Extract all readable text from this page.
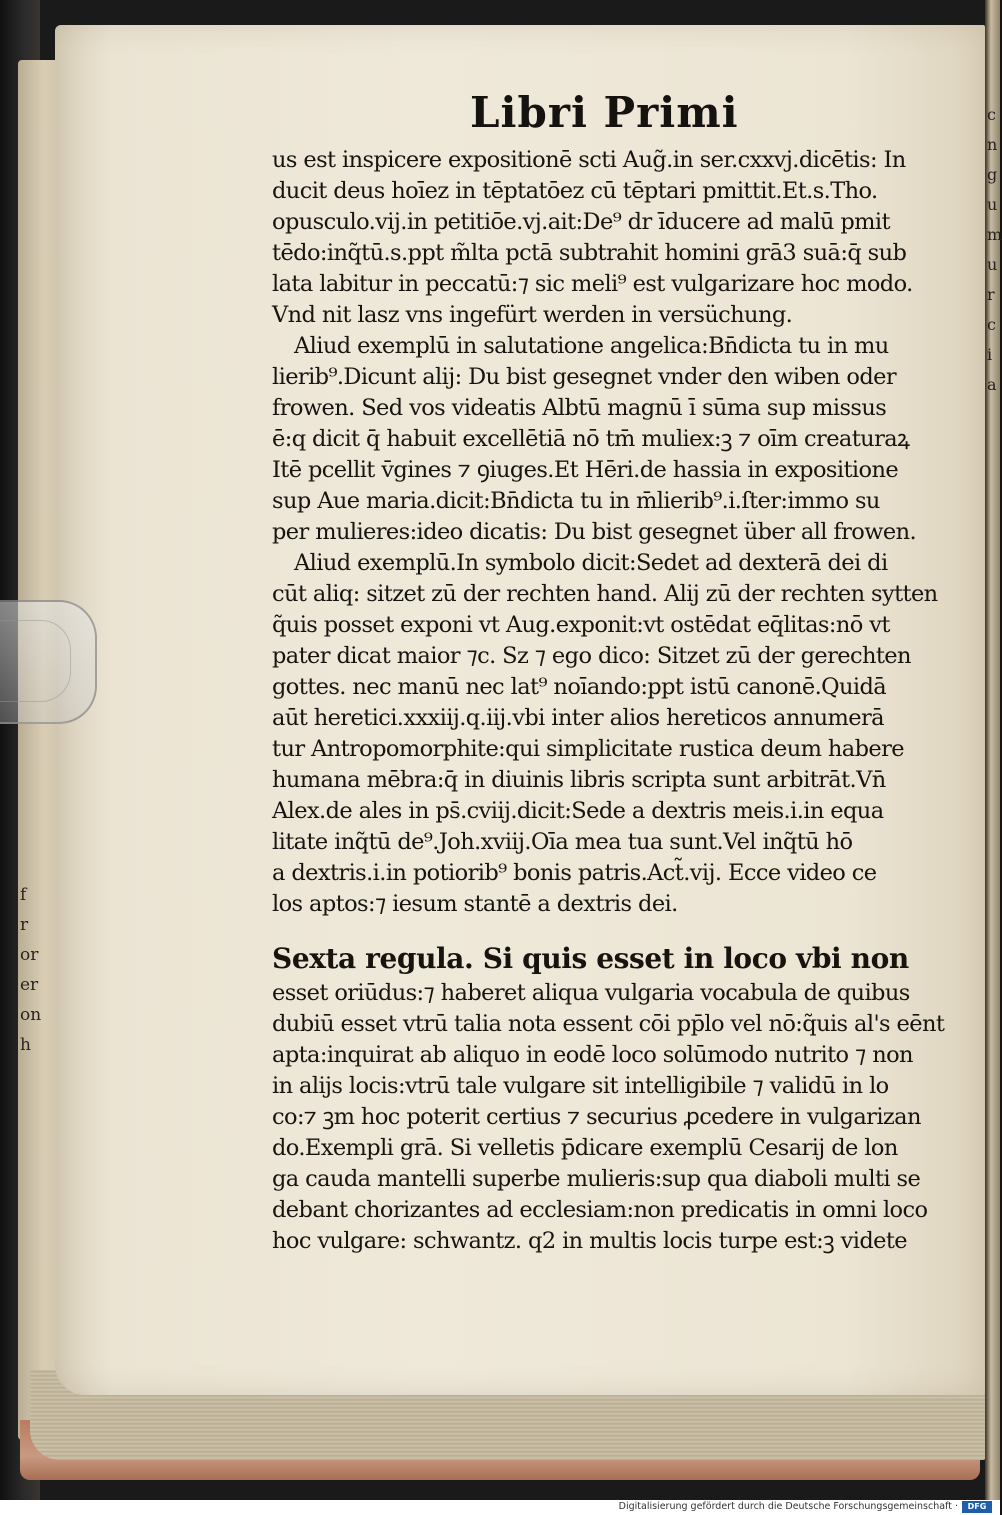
f
r
or
er
on
h
c
n
g
u
m
u
r
c
i
a
Libri Primi
us est inspicere expositionē scti Aug̃.in ser.cxxvj.dicētis: In
ducit deus hoīez in tēptatōez cū tēptari pmittit.Et.s.Tho.
opusculo.vij.in petitiōe.vj.ait:De⁹ dr īducere ad malū pmit
tēdo:inq̃tū.s.ppt m̃lta pctā subtrahit homini grā3 suā:q̄ sub
lata labitur in peccatū:⁊ sic meli⁹ est vulgarizare hoc modo.
Vnd nit lasz vns ingefürt werden in versüchung.
Aliud exemplū in salutatione angelica:Bn̄dicta tu in mu
lierib⁹.Dicunt alij: Du bist gesegnet vnder den wiben oder
frowen. Sed vos videatis Albtū magnū ī sūma sup missus
ē:q dicit q̄ habuit excellētiā nō tm̄ muliex:ꝫ ⁊ oīm creaturaꝝ
Itē pcellit v̄gines ⁊ ꝯiuges.Et Hēri.de hassia in expositione
sup Aue maria.dicit:Bn̄dicta tu in m̄lierib⁹.i.ſter:immo su
per mulieres:ideo dicatis: Du bist gesegnet über all frowen.
Aliud exemplū.In symbolo dicit:Sedet ad dexterā dei di
cūt aliq: sitzet zū der rechten hand. Alij zū der rechten sytten
q̃uis posset exponi vt Aug.exponit:vt ostēdat eq̄litas:nō vt
pater dicat maior ⁊c. Sz ⁊ ego dico: Sitzet zū der gerechten
gottes. nec manū nec lat⁹ noīando:ppt istū canonē.Quidā
aūt heretici.xxxiij.q.iij.vbi inter alios hereticos annumerā
tur Antropomorphite:qui simplicitate rustica deum habere
humana mēbra:q̄ in diuinis libris scripta sunt arbitrāt.Vn̄
Alex.de ales in ps̄.cviij.dicit:Sede a dextris meis.i.in equa
litate inq̃tū de⁹.Joh.xviij.Oīa mea tua sunt.Vel inq̃tū hō
a dextris.i.in potiorib⁹ bonis patris.Act̃.vij. Ecce video ce
los aptos:⁊ iesum stantē a dextris dei.
Sexta regula. Si quis esset in loco vbi non
esset oriūdus:⁊ haberet aliqua vulgaria vocabula de quibus
dubiū esset vtrū talia nota essent cōi pp̄lo vel nō:q̃uis al's eēnt
apta:inquirat ab aliquo in eodē loco solūmodo nutrito ⁊ non
in alijs locis:vtrū tale vulgare sit intelligibile ⁊ validū in lo
co:⁊ ꝫm hoc poterit certius ⁊ securius ꝓcedere in vulgarizan
do.Exempli grā. Si velletis p̄dicare exemplū Cesarij de lon
ga cauda mantelli superbe mulieris:sup qua diaboli multi se
debant chorizantes ad ecclesiam:non predicatis in omni loco
hoc vulgare: schwantz. q2 in multis locis turpe est:ꝫ videte
Digitalisierung gefördert durch die Deutsche Forschungsgemeinschaft ·	DFG
